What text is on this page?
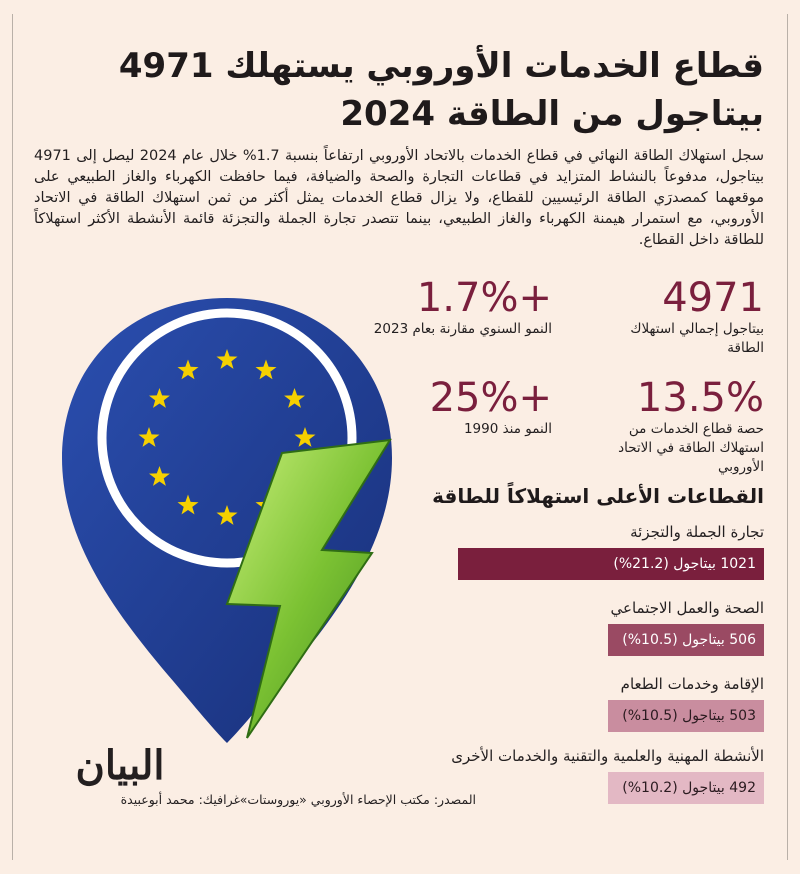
قطاع الخدمات الأوروبي يستهلك 4971 بيتاجول من الطاقة 2024
سجل استهلاك الطاقة النهائي في قطاع الخدمات بالاتحاد الأوروبي ارتفاعاً بنسبة 1.7% خلال عام 2024 ليصل إلى 4971 بيتاجول، مدفوعاً بالنشاط المتزايد في قطاعات التجارة والصحة والضيافة، فيما حافظت الكهرباء والغاز الطبيعي على موقعهما كمصدرَي الطاقة الرئيسيين للقطاع، ولا يزال قطاع الخدمات يمثل أكثر من ثمن استهلاك الطاقة في الاتحاد الأوروبي، مع استمرار هيمنة الكهرباء والغاز الطبيعي، بينما تتصدر تجارة الجملة والتجزئة قائمة الأنشطة الأكثر استهلاكاً للطاقة داخل القطاع.
4971
بيتاجول إجمالي استهلاك الطاقة
+1.7%
النمو السنوي مقارنة بعام 2023
13.5%
حصة قطاع الخدمات من استهلاك الطاقة في الاتحاد الأوروبي
+25%
النمو منذ 1990
القطاعات الأعلى استهلاكاً للطاقة
تجارة الجملة والتجزئة
1021 بيتاجول (21.2%)
الصحة والعمل الاجتماعي
506 بيتاجول (10.5%)
الإقامة وخدمات الطعام
503 بيتاجول (10.5%)
الأنشطة المهنية والعلمية والتقنية والخدمات الأخرى
492 بيتاجول (10.2%)
البيان
غرافيك: محمد أبوعبيدة المصدر: مكتب الإحصاء الأوروبي «يوروستات»
